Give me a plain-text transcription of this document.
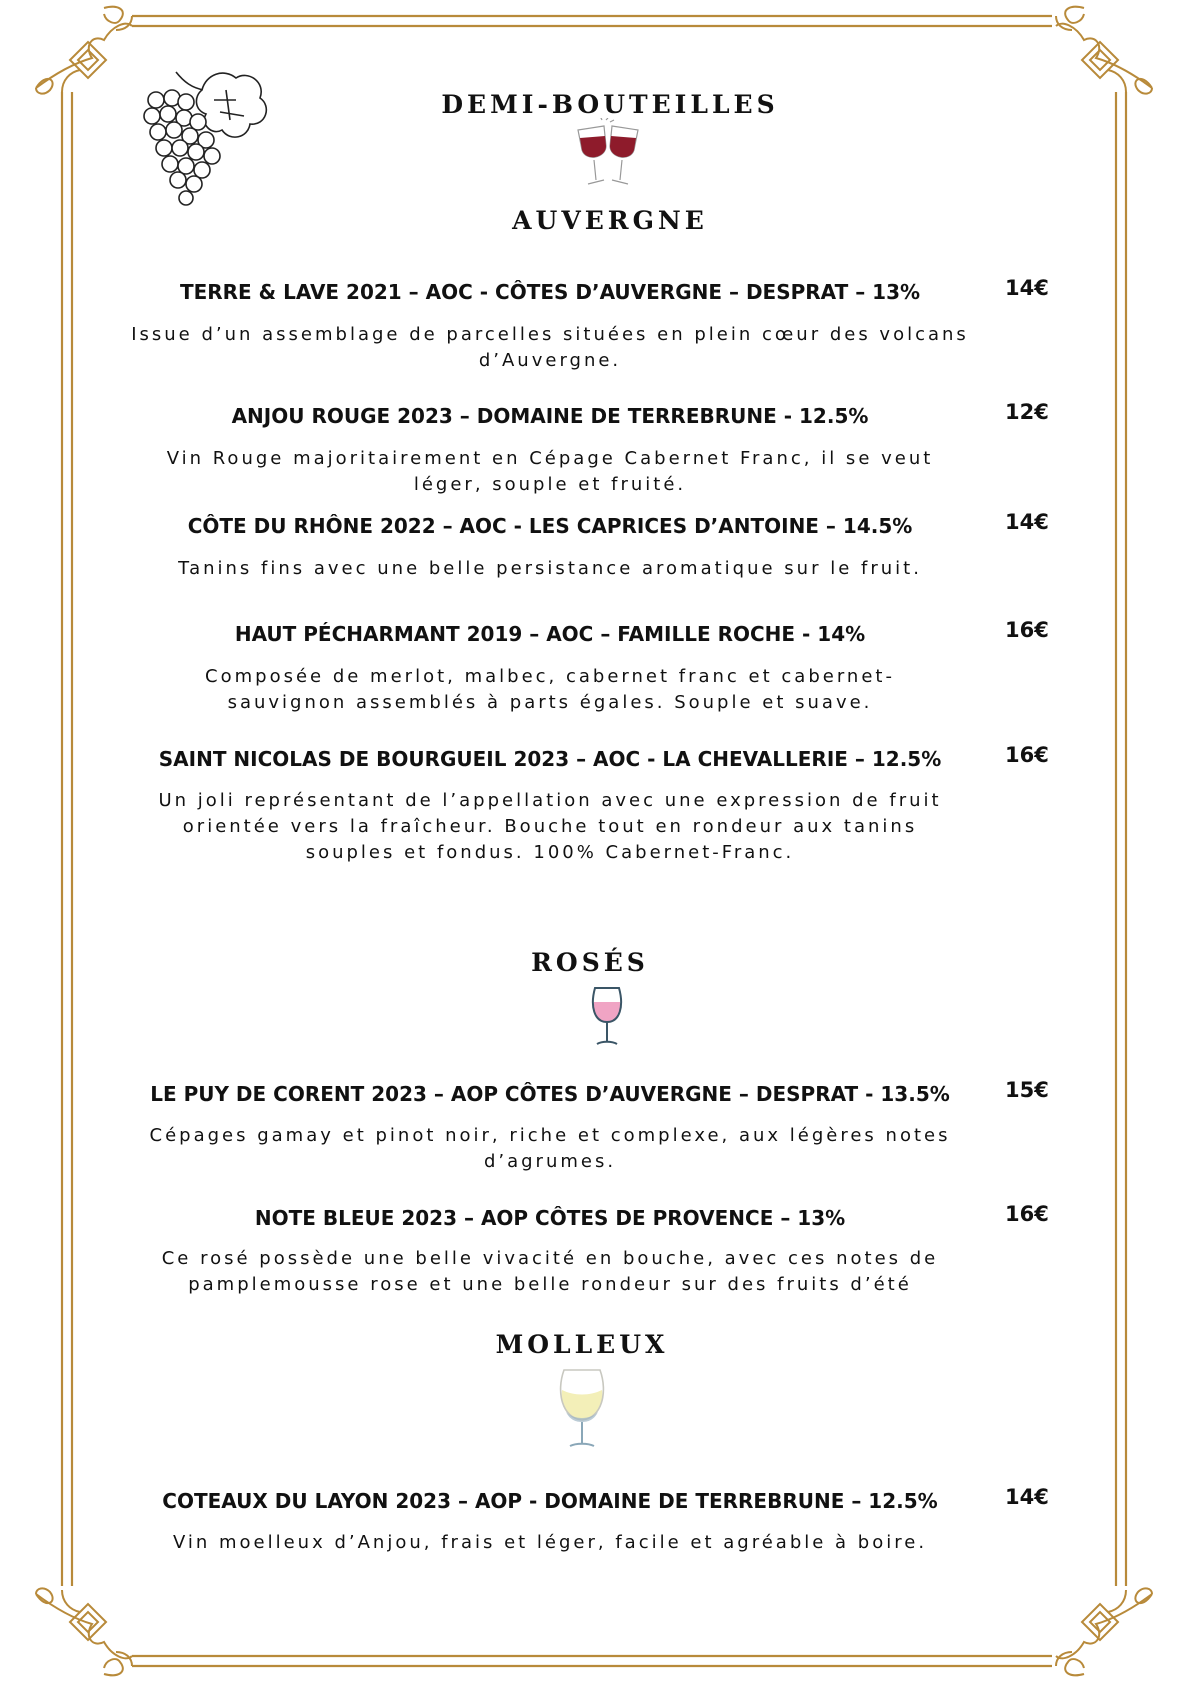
DEMI-BOUTEILLES
AUVERGNE
TERRE & LAVE 2021 – AOC - CÔTES D’AUVERGNE – DESPRAT – 13%	14€
Issue d’un assemblage de parcelles situées en plein cœur des volcans d’Auvergne.
ANJOU ROUGE 2023 – DOMAINE DE TERREBRUNE - 12.5%	12€
Vin Rouge majoritairement en Cépage Cabernet Franc, il se veut léger, souple et fruité.
CÔTE DU RHÔNE 2022 – AOC - LES CAPRICES D’ANTOINE – 14.5%	14€
Tanins fins avec une belle persistance aromatique sur le fruit.
HAUT PÉCHARMANT 2019 – AOC – FAMILLE ROCHE - 14%	16€
Composée de merlot, malbec, cabernet franc et cabernet-sauvignon assemblés à parts égales. Souple et suave.
SAINT NICOLAS DE BOURGUEIL 2023 – AOC - LA CHEVALLERIE – 12.5%	16€
Un joli représentant de l’appellation avec une expression de fruit orientée vers la fraîcheur. Bouche tout en rondeur aux tanins souples et fondus. 100% Cabernet-Franc.
ROSÉS
LE PUY DE CORENT 2023 – AOP CÔTES D’AUVERGNE – DESPRAT - 13.5%	15€
Cépages gamay et pinot noir, riche et complexe, aux légères notes d’agrumes.
NOTE BLEUE 2023 – AOP CÔTES DE PROVENCE – 13%	16€
Ce rosé possède une belle vivacité en bouche, avec ces notes de pamplemousse rose et une belle rondeur sur des fruits d’été
MOLLEUX
COTEAUX DU LAYON 2023 – AOP - DOMAINE DE TERREBRUNE – 12.5%	14€
Vin moelleux d’Anjou, frais et léger, facile et agréable à boire.
